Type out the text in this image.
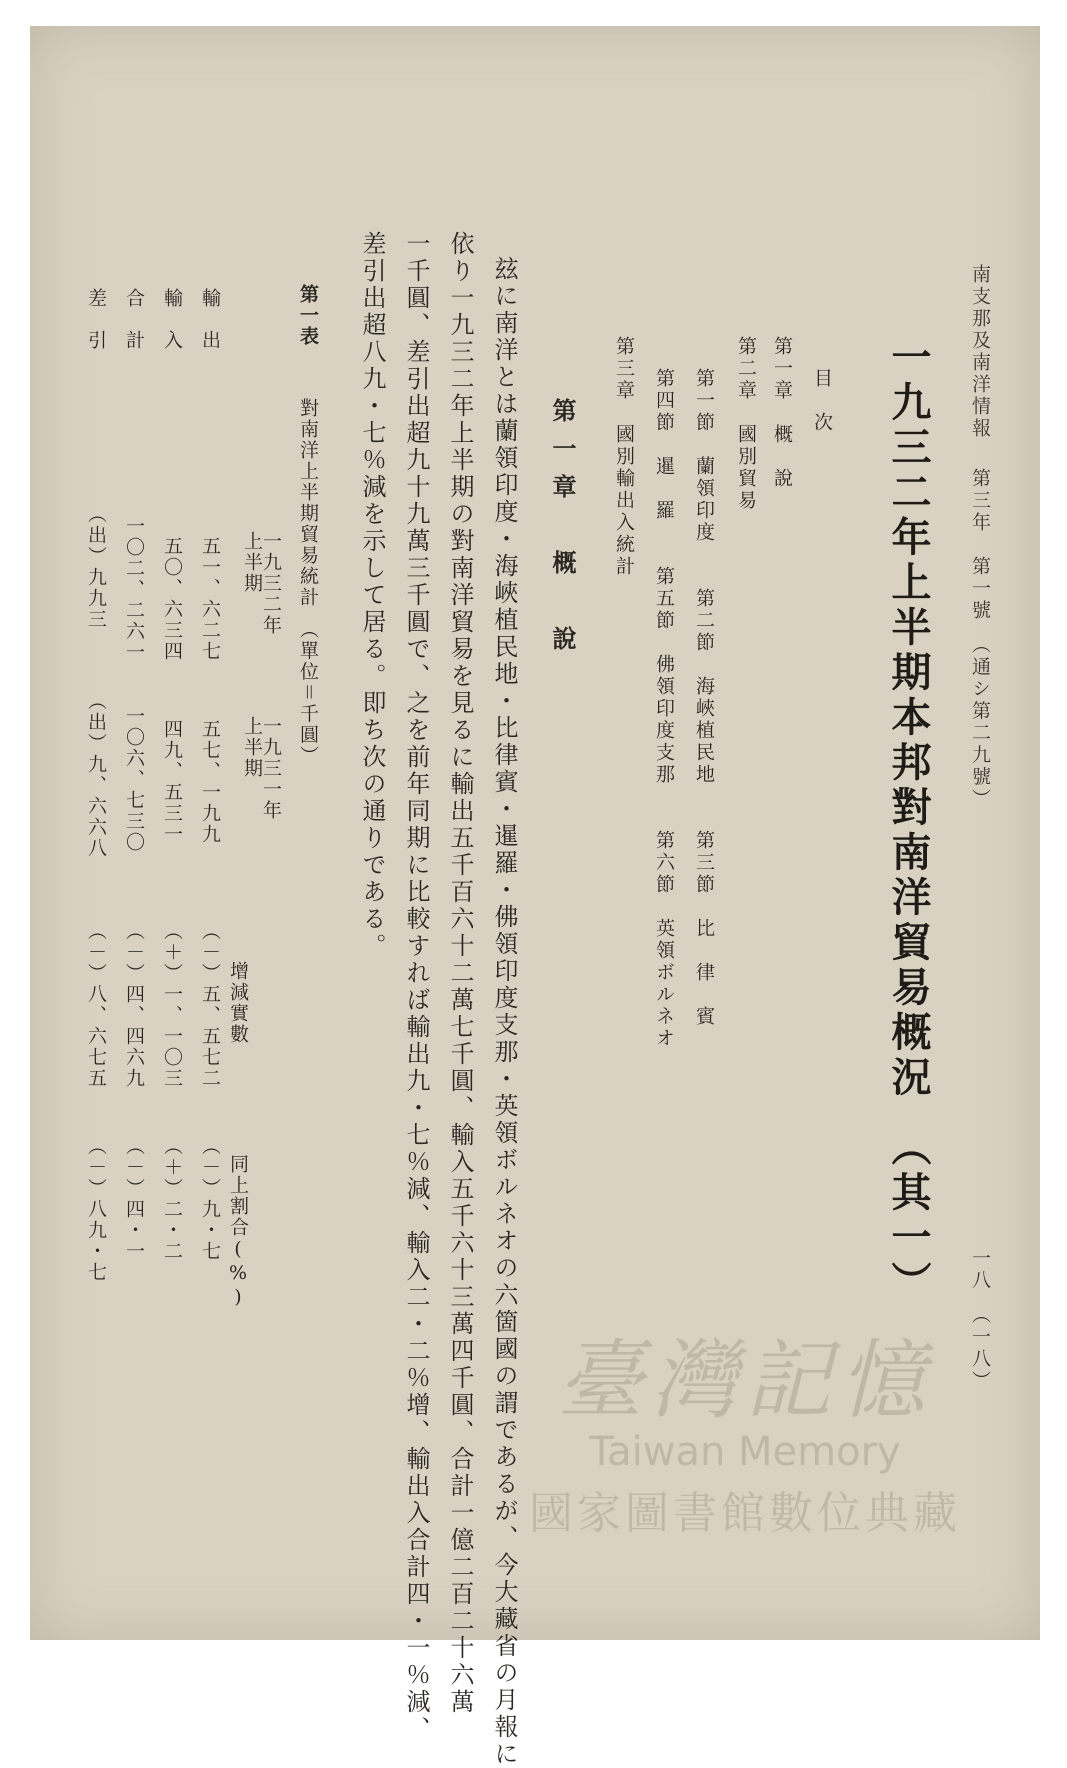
南支那及南洋情報
第三年　第一號　（通シ第二九號）
一八　（一八）
一九三二年上半期本邦對南洋貿易概況　（其一）
目　次
第一章　概　說
第二章　國別貿易
第一節　蘭領印度　　第二節　海峽植民地　　第三節　比　律　賓
第四節　暹　羅　　第五節　佛領印度支那　　第六節　英領ボルネオ
第三章　國別輸出入統計
第一章　概　說
玆に南洋とは蘭領印度・海峽植民地・比律賓・暹羅・佛領印度支那・英領ボルネオの六箇國の謂であるが、今大藏省の月報に
依り一九三二年上半期の對南洋貿易を見るに輸出五千百六十二萬七千圓、輸入五千六十三萬四千圓、合計一億二百二十六萬
一千圓、差引出超九十九萬三千圓で、之を前年同期に比較すれば輸出九・七％減、輸入二・二％增、輸出入合計四・一％減、
差引出超八九・七％減を示して居る。即ち次の通りである。
第一表
對南洋上半期貿易統計　（單位＝千圓）
一九三二年上半期
一九三一年上半期
增減實數
同上割合(%)
輸　出
五一、六二七
五七、一九九
（－）五、五七二
（－）九・七
輸　入
五〇、六三四
四九、五三一
（＋）一、一〇三
（＋）二・二
合　計
一〇二、二六一
一〇六、七三〇
（－）四、四六九
（－）四・一
差　引
（出）九九三
（出）九、六六八
（－）八、六七五
（－）八九・七
臺灣記憶
Taiwan Memory
國家圖書館數位典藏
